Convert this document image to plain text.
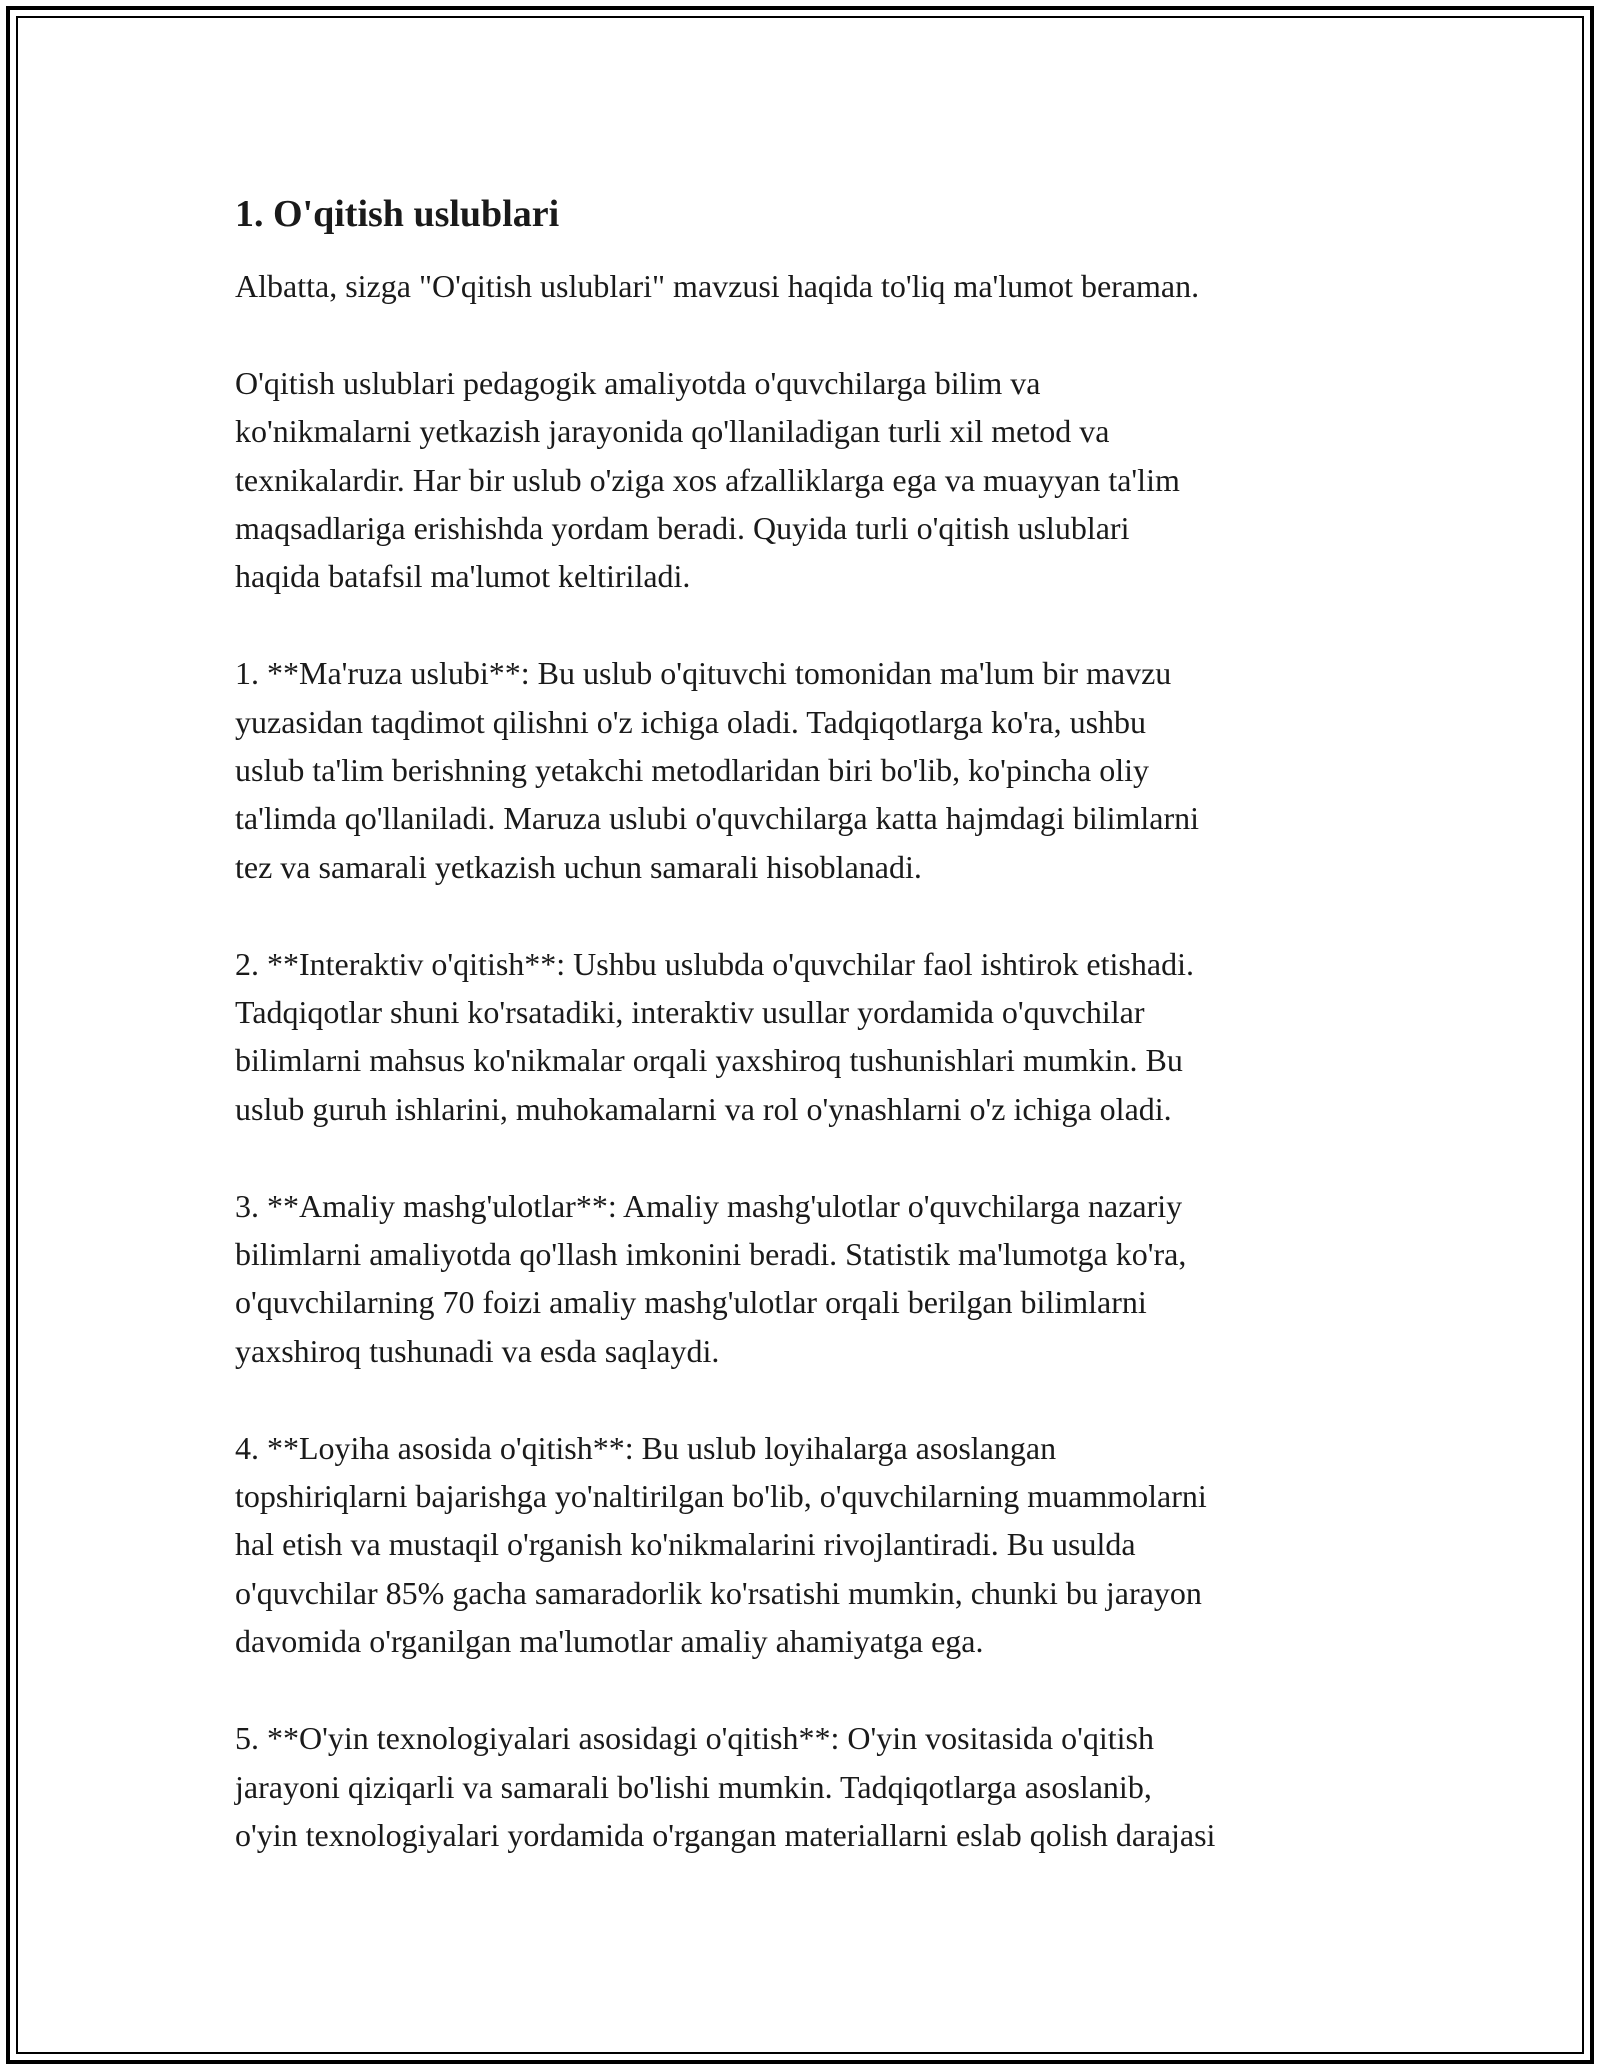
1. O'qitish uslublari

Albatta, sizga "O'qitish uslublari" mavzusi haqida to'liq ma'lumot beraman.

O'qitish uslublari pedagogik amaliyotda o'quvchilarga bilim va
ko'nikmalarni yetkazish jarayonida qo'llaniladigan turli xil metod va
texnikalardir. Har bir uslub o'ziga xos afzalliklarga ega va muayyan ta'lim
maqsadlariga erishishda yordam beradi. Quyida turli o'qitish uslublari
haqida batafsil ma'lumot keltiriladi.

1. **Ma'ruza uslubi**: Bu uslub o'qituvchi tomonidan ma'lum bir mavzu
yuzasidan taqdimot qilishni o'z ichiga oladi. Tadqiqotlarga ko'ra, ushbu
uslub ta'lim berishning yetakchi metodlaridan biri bo'lib, ko'pincha oliy
ta'limda qo'llaniladi. Maruza uslubi o'quvchilarga katta hajmdagi bilimlarni
tez va samarali yetkazish uchun samarali hisoblanadi.

2. **Interaktiv o'qitish**: Ushbu uslubda o'quvchilar faol ishtirok etishadi.
Tadqiqotlar shuni ko'rsatadiki, interaktiv usullar yordamida o'quvchilar
bilimlarni mahsus ko'nikmalar orqali yaxshiroq tushunishlari mumkin. Bu
uslub guruh ishlarini, muhokamalarni va rol o'ynashlarni o'z ichiga oladi.

3. **Amaliy mashg'ulotlar**: Amaliy mashg'ulotlar o'quvchilarga nazariy
bilimlarni amaliyotda qo'llash imkonini beradi. Statistik ma'lumotga ko'ra,
o'quvchilarning 70 foizi amaliy mashg'ulotlar orqali berilgan bilimlarni
yaxshiroq tushunadi va esda saqlaydi.

4. **Loyiha asosida o'qitish**: Bu uslub loyihalarga asoslangan
topshiriqlarni bajarishga yo'naltirilgan bo'lib, o'quvchilarning muammolarni
hal etish va mustaqil o'rganish ko'nikmalarini rivojlantiradi. Bu usulda
o'quvchilar 85% gacha samaradorlik ko'rsatishi mumkin, chunki bu jarayon
davomida o'rganilgan ma'lumotlar amaliy ahamiyatga ega.

5. **O'yin texnologiyalari asosidagi o'qitish**: O'yin vositasida o'qitish
jarayoni qiziqarli va samarali bo'lishi mumkin. Tadqiqotlarga asoslanib,
o'yin texnologiyalari yordamida o'rgangan materiallarni eslab qolish darajasi
